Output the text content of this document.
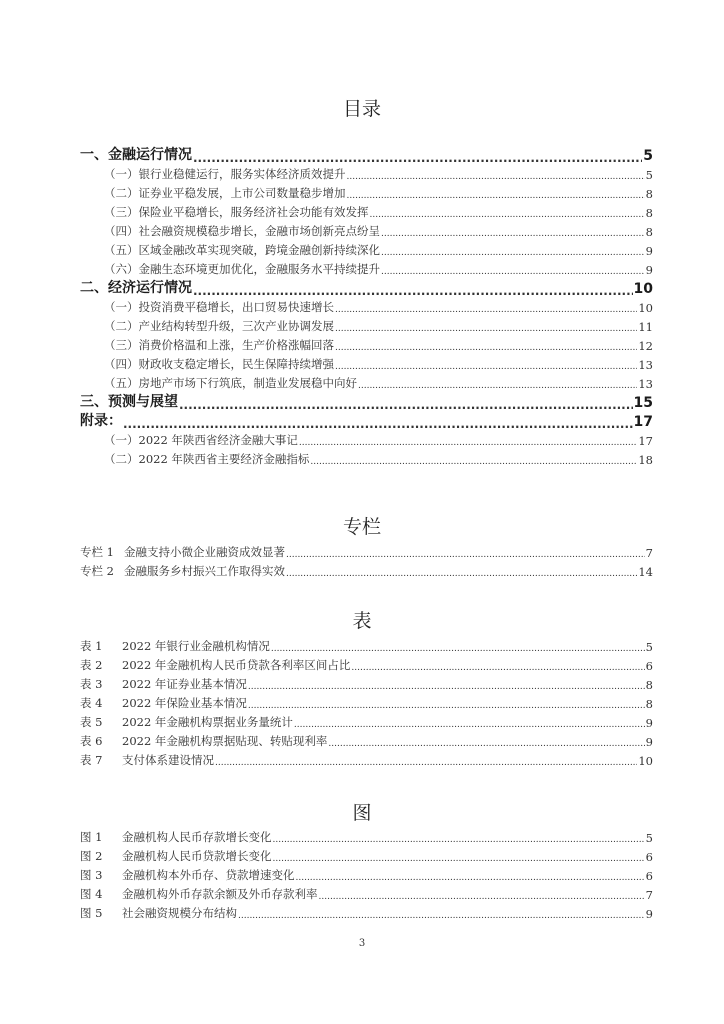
目录
一、金融运行情况 .....	5
（一）银行业稳健运行，服务实体经济质效提升 .....	5
（二）证券业平稳发展，上市公司数量稳步增加 .....	8
（三）保险业平稳增长，服务经济社会功能有效发挥 .....	8
（四）社会融资规模稳步增长，金融市场创新亮点纷呈 .....	8
（五）区域金融改革实现突破，跨境金融创新持续深化 .....	9
（六）金融生态环境更加优化，金融服务水平持续提升 .....	9
二、经济运行情况 .....	10
（一）投资消费平稳增长，出口贸易快速增长 .....	10
（二）产业结构转型升级，三次产业协调发展 .....	11
（三）消费价格温和上涨，生产价格涨幅回落 .....	12
（四）财政收支稳定增长，民生保障持续增强 .....	13
（五）房地产市场下行筑底，制造业发展稳中向好 .....	13
三、预测与展望 .....	15
附录： .....	17
（一）2022 年陕西省经济金融大事记 .....	17
（二）2022 年陕西省主要经济金融指标 .....	18
专栏
专栏 1 金融支持小微企业融资成效显著 .....	7
专栏 2 金融服务乡村振兴工作取得实效 .....	14
表
表 1	2022 年银行业金融机构情况 .....	5
表 2	2022 年金融机构人民币贷款各利率区间占比 .....	6
表 3	2022 年证券业基本情况 .....	8
表 4	2022 年保险业基本情况 .....	8
表 5	2022 年金融机构票据业务量统计 .....	9
表 6	2022 年金融机构票据贴现、转贴现利率 .....	9
表 7	支付体系建设情况 .....	10
图
图 1	金融机构人民币存款增长变化 .....	5
图 2	金融机构人民币贷款增长变化 .....	6
图 3	金融机构本外币存、贷款增速变化 .....	6
图 4	金融机构外币存款余额及外币存款利率 .....	7
图 5	社会融资规模分布结构 .....	9
3
